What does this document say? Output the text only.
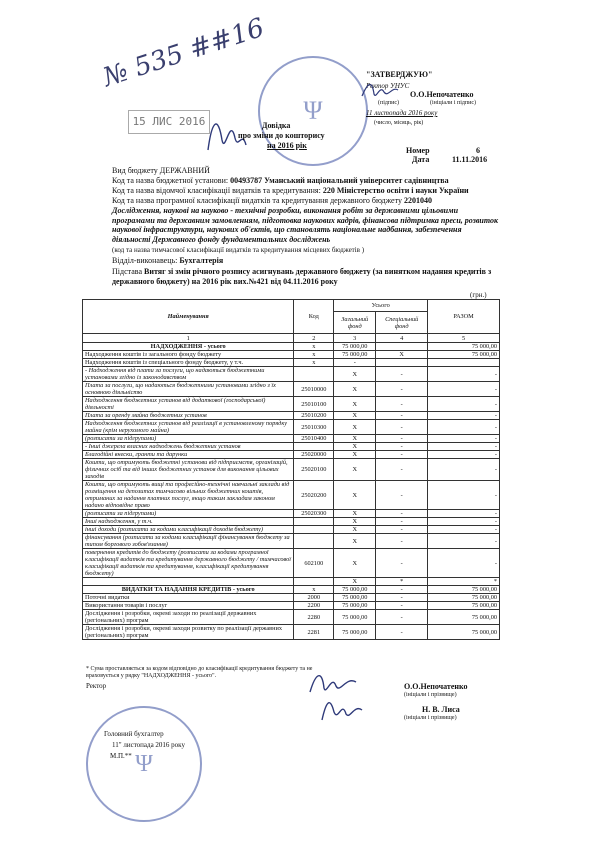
№ 535 ##16
15 ЛИС 2016	Ψ
"ЗАТВЕРДЖУЮ"
Ректор УНУС
О.О.Непочатенко
(підпис)	(ініціали і підпис)
11 листопада 2016 року
(число, місяць, рік)
Довідка
про зміни до кошторису
на 2016 рік
Номер	6
Дата	11.11.2016
Вид бюджету ДЕРЖАВНИЙ
Код та назва бюджетної установи: 00493787 Уманський національний університет садівництва
Код та назва відомчої класифікації видатків та кредитування: 220 Міністерство освіти і науки України
Код та назва програмної класифікації видатків та кредитування державного бюджету 2201040
Дослідження, наукові на науково - технічні розробки, виконання робіт за державними цільовими програмами та державним замовленням, підготовка наукових кадрів, фінансова підтримка преси, розвиток наукової інфраструктури, наукових об'єктів, що становлять національне надбання, забезпечення діяльності Державного фонду фундаментальних досліджень
(код та назва тимчасової класифікації видатків та кредитування місцевих бюджетів )
Відділ-виконавець: Бухгалтерія
Підстава Витяг зі змін річного розпису асигнувань державного бюджету (за винятком надання кредитів з державного бюджету) на 2016 рік вих.№421 від 04.11.2016 року
(грн.)
Найменування	Код	Усього		РАЗОМ
		Загальний фонд	Спеціальний фонд	
1	2	3	4	5
НАДХОДЖЕННЯ - усього	x	75 000,00		75 000,00
Надходження коштів із загального фонду бюджету	x	75 000,00	X	75 000,00
Надходження коштів із спеціального фонду бюджету, у т.ч.	x	-		
- Надходження від плати за послуги, що надаються бюджетними установами згідно із законодавством		X	-	-
Плата за послуги, що надаються бюджетними установами згідно з їх основною діяльністю	25010000	X	-	-
Надходження бюджетних установ від додаткової (господарської) діяльності	25010100	X	-	-
Плата за оренду майна бюджетних установ	25010200	X	-	-
Надходження бюджетних установ від реалізації в установленому порядку майна (крім нерухомого майна)	25010300	X	-	-
(розписати за підгрупами)	25010400	X	-	-
- Інші джерела власних надходжень бюджетних установ		X	-	-
Благодійні внески, гранти та дарунки	25020000	X	-	-
Кошти, що отримують бюджетні установи від підприємств, організацій, фізичних осіб та від інших бюджетних установ для виконання цільових заходів	25020100	X	-	-
Кошти, що отримують вищі та професійно-технічні навчальні заклади від розміщення на депозитах тимчасово вільних бюджетних коштів, отриманих за надання платних послуг, якщо таким закладам законом надано відповідне право	25020200	X	-	-
(розписати за підгрупами)	25020300	X	-	-
Інші надходження, у т.ч.		X	-	-
інші доходи (розписати за кодами класифікації доходів бюджету)		X	-	-
фінансування (розписати за кодами класифікації фінансування бюджету за типом боргового зобов'язання)		X	-	-
повернення кредитів до бюджету (розписати за кодами програмної класифікації видатків та кредитування державного бюджету / тимчасової класифікації видатків та кредитування, класифікації кредитування бюджету)	602100	X	-	-
		X	*	*
ВИДАТКИ ТА НАДАННЯ КРЕДИТІВ - усього	x	75 000,00	-	75 000,00
Поточні видатки	2000	75 000,00	-	75 000,00
Використання товарів і послуг	2200	75 000,00	-	75 000,00
Дослідження і розробки, окремі заходи по реалізації державних (регіональних) програм	2280	75 000,00	-	75 000,00
Дослідження і розробки, окремі заходи розвитку по реалізації державних (регіональних) програм	2281	75 000,00	-	75 000,00
* Сума проставляється за кодом відповідно до класифікації кредитування бюджету та не враховується у рядку "НАДХОДЖЕННЯ - усього".
Ректор	О.О.Непочатенко
(ініціали і прізвище)
Н. В. Лиса
(ініціали і прізвище)
Головний бухгалтер
11" листопада 2016 року
М.П.** Ψ
